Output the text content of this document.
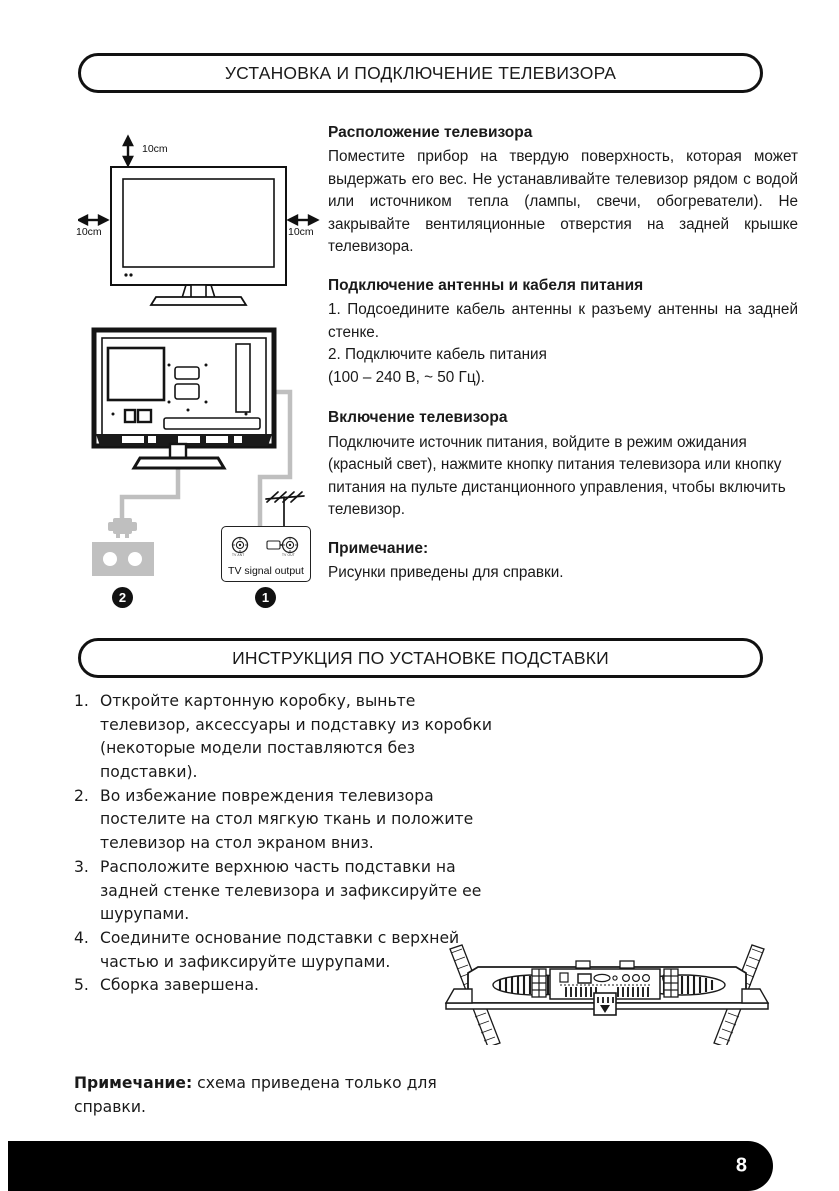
УСТАНОВКА И ПОДКЛЮЧЕНИЕ ТЕЛЕВИЗОРА
10cm
10cm	10cm
TV ANT	TV OUT
TV signal output
2	1
Расположение телевизора
Поместите прибор на твердую поверхность, которая может выдержать его вес. Не устанавливайте телевизор рядом с водой или источником тепла (лампы, свечи, обогреватели). Не закрывайте вентиляционные отверстия на задней крышке телевизора.
Подключение антенны и кабеля питания
1. Подсоедините кабель антенны к разъему антенны на задней стенке.
2. Подключите кабель питания
(100 – 240 В, ~ 50 Гц).
Включение телевизора
Подключите источник питания, войдите в режим ожидания (красный свет), нажмите кнопку питания телевизора или кнопку питания на пульте дистанционного управления, чтобы включить телевизор.
Примечание:
Рисунки приведены для справки.
ИНСТРУКЦИЯ ПО УСТАНОВКЕ ПОДСТАВКИ
1. Откройте картонную коробку, выньте телевизор, аксессуары и подставку из коробки (некоторые модели поставляются без подставки).
2. Во избежание повреждения телевизора постелите на стол мягкую ткань и положите телевизор на стол экраном вниз.
3. Расположите верхнюю часть подставки на задней стенке телевизора и зафиксируйте ее шурупами.
4. Соедините основание подставки с верхней частью и зафиксируйте шурупами.
5. Сборка завершена.
Примечание: схема приведена только для справки.
8
